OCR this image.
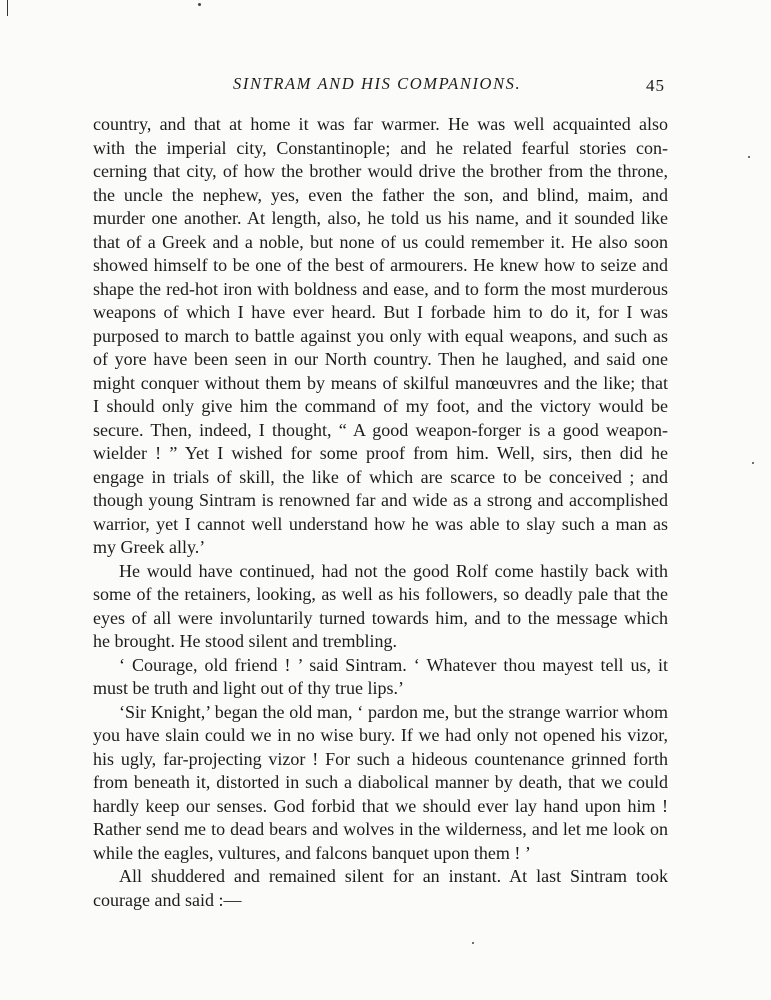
SINTRAM AND HIS COMPANIONS.	45
country, and that at home it was far warmer. He was well acquainted also
with the imperial city, Constantinople; and he related fearful stories con-
cerning that city, of how the brother would drive the brother from the throne,
the uncle the nephew, yes, even the father the son, and blind, maim, and
murder one another. At length, also, he told us his name, and it sounded like
that of a Greek and a noble, but none of us could remember it. He also soon
showed himself to be one of the best of armourers. He knew how to seize and
shape the red-hot iron with boldness and ease, and to form the most murderous
weapons of which I have ever heard. But I forbade him to do it, for I was
purposed to march to battle against you only with equal weapons, and such as
of yore have been seen in our North country. Then he laughed, and said one
might conquer without them by means of skilful manœuvres and the like; that
I should only give him the command of my foot, and the victory would be
secure. Then, indeed, I thought, “ A good weapon-forger is a good weapon-
wielder ! ” Yet I wished for some proof from him. Well, sirs, then did he
engage in trials of skill, the like of which are scarce to be conceived ; and
though young Sintram is renowned far and wide as a strong and accomplished
warrior, yet I cannot well understand how he was able to slay such a man as
my Greek ally.’
He would have continued, had not the good Rolf come hastily back with
some of the retainers, looking, as well as his followers, so deadly pale that the
eyes of all were involuntarily turned towards him, and to the message which
he brought. He stood silent and trembling.
‘ Courage, old friend ! ’ said Sintram. ‘ Whatever thou mayest tell us, it
must be truth and light out of thy true lips.’
‘Sir Knight,’ began the old man, ‘ pardon me, but the strange warrior whom
you have slain could we in no wise bury. If we had only not opened his vizor,
his ugly, far-projecting vizor ! For such a hideous countenance grinned forth
from beneath it, distorted in such a diabolical manner by death, that we could
hardly keep our senses. God forbid that we should ever lay hand upon him !
Rather send me to dead bears and wolves in the wilderness, and let me look on
while the eagles, vultures, and falcons banquet upon them ! ’
All shuddered and remained silent for an instant. At last Sintram took
courage and said :—
